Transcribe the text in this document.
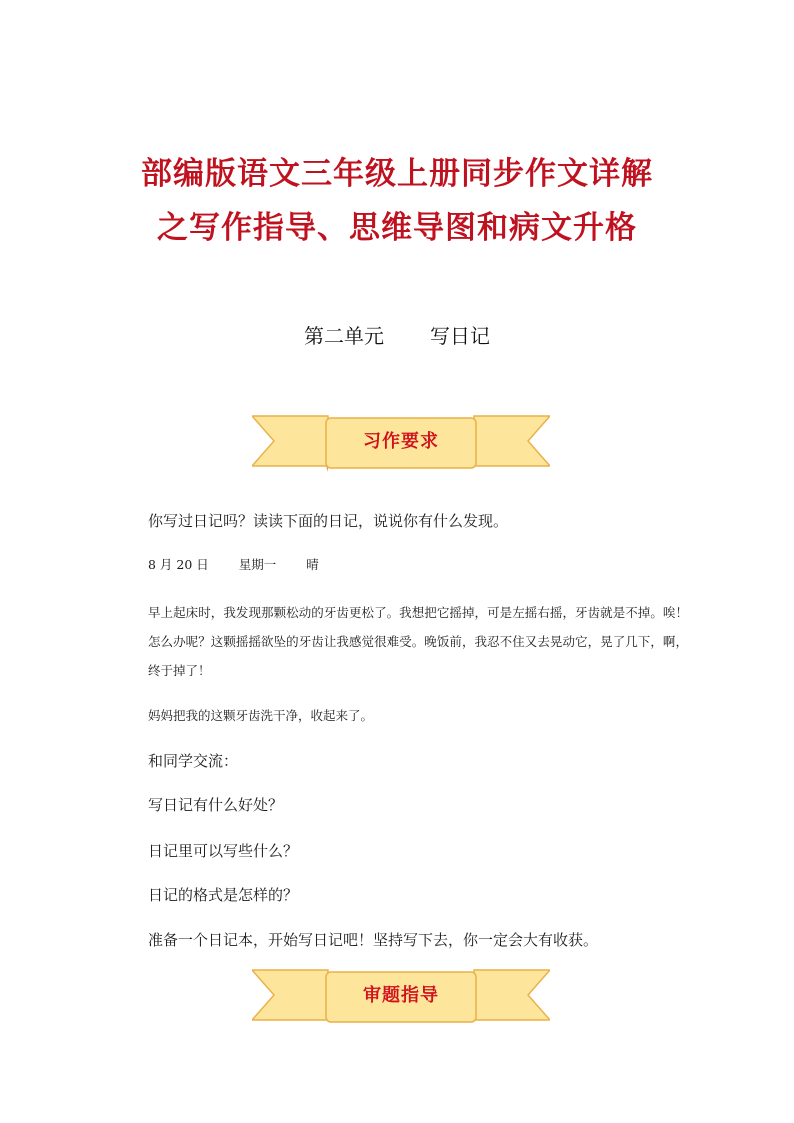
部编版语文三年级上册同步作文详解
之写作指导、思维导图和病文升格
第二单元 写日记
习作要求
你写过日记吗？读读下面的日记，说说你有什么发现。
8 月 20 日 星期一 晴
早上起床时，我发现那颗松动的牙齿更松了。我想把它摇掉，可是左摇右摇，牙齿就是不掉。唉！怎么办呢？这颗摇摇欲坠的牙齿让我感觉很难受。晚饭前，我忍不住又去晃动它，晃了几下，啊，终于掉了！
妈妈把我的这颗牙齿洗干净，收起来了。
和同学交流：
写日记有什么好处？
日记里可以写些什么？
日记的格式是怎样的？
准备一个日记本，开始写日记吧！坚持写下去，你一定会大有收获。
审题指导
